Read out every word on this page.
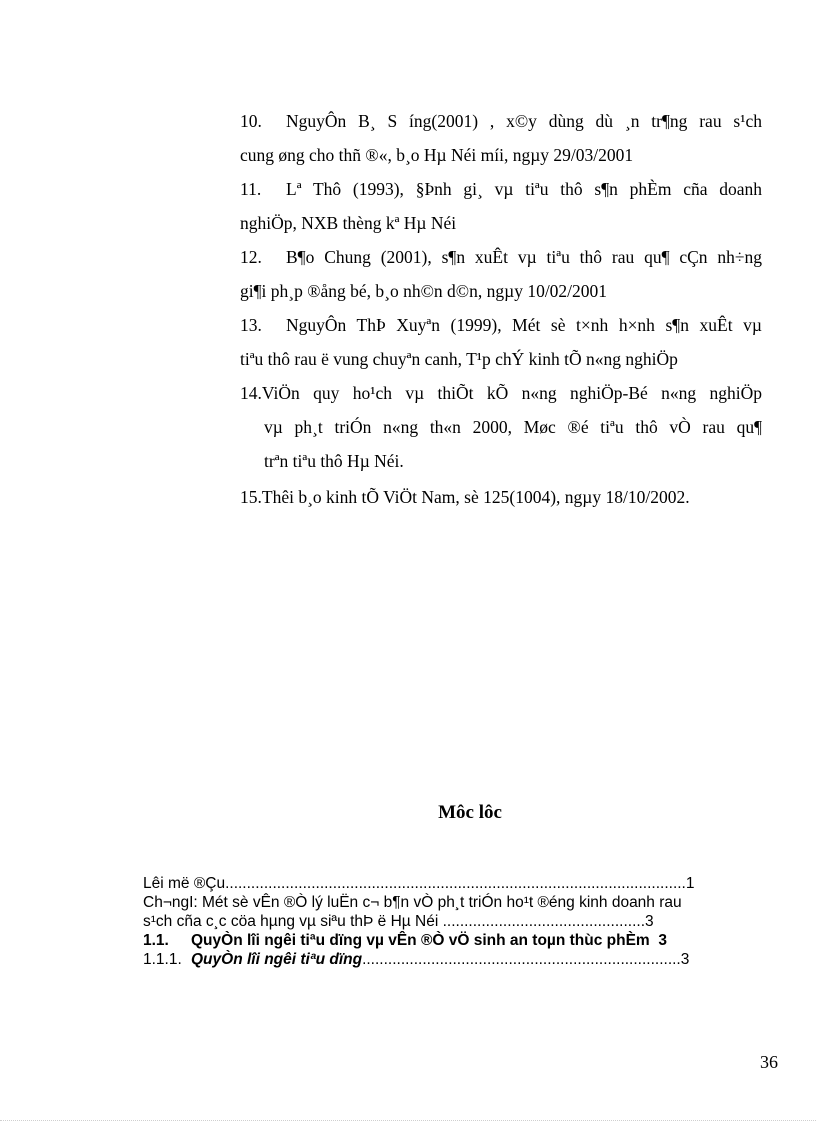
10. NguyÔn B¸ S íng(2001) , x©y dùng dù ¸n tr¶ng rau s¹ch
cung øng cho thñ ®«, b¸o Hµ Néi míi, ngµy 29/03/2001
11. Lª Thô (1993), §Þnh gi¸ vµ tiªu thô s¶n phÈm cña doanh
nghiÖp, NXB thèng kª Hµ Néi
12. B¶o Chung (2001), s¶n xuÊt vµ tiªu thô rau qu¶ cÇn nh÷ng
gi¶i ph¸p ®ång bé, b¸o nh©n d©n, ngµy 10/02/2001
13. NguyÔn ThÞ Xuyªn (1999), Mét sè t×nh h×nh s¶n xuÊt vµ
tiªu thô rau ë vung chuyªn canh, T¹p chÝ kinh tÕ n«ng nghiÖp
14.ViÖn quy ho¹ch vµ thiÕt kÕ n«ng nghiÖp-Bé n«ng nghiÖp
vµ ph¸t triÓn n«ng th«n 2000, Møc ®é tiªu thô vÒ rau qu¶
trªn tiªu thô Hµ Néi.
15.Thêi b¸o kinh tÕ ViÖt Nam, sè 125(1004), ngµy 18/10/2002.
Môc lôc
Lêi më ®Çu...........................................................................................................1
Ch¬ngI: Mét sè vÊn ®Ò lý luËn c¬ b¶n vÒ ph¸t triÓn ho¹t ®éng kinh doanh rau
s¹ch cña c¸c cöa hµng vµ siªu thÞ ë Hµ Néi ...............................................3
1.1. QuyÒn lîi ngêi tiªu dïng vµ vÊn ®Ò vÖ sinh an toµn thùc phÈm 3
1.1.1. QuyÒn lîi ngêi tiªu dïng..........................................................................3
36
